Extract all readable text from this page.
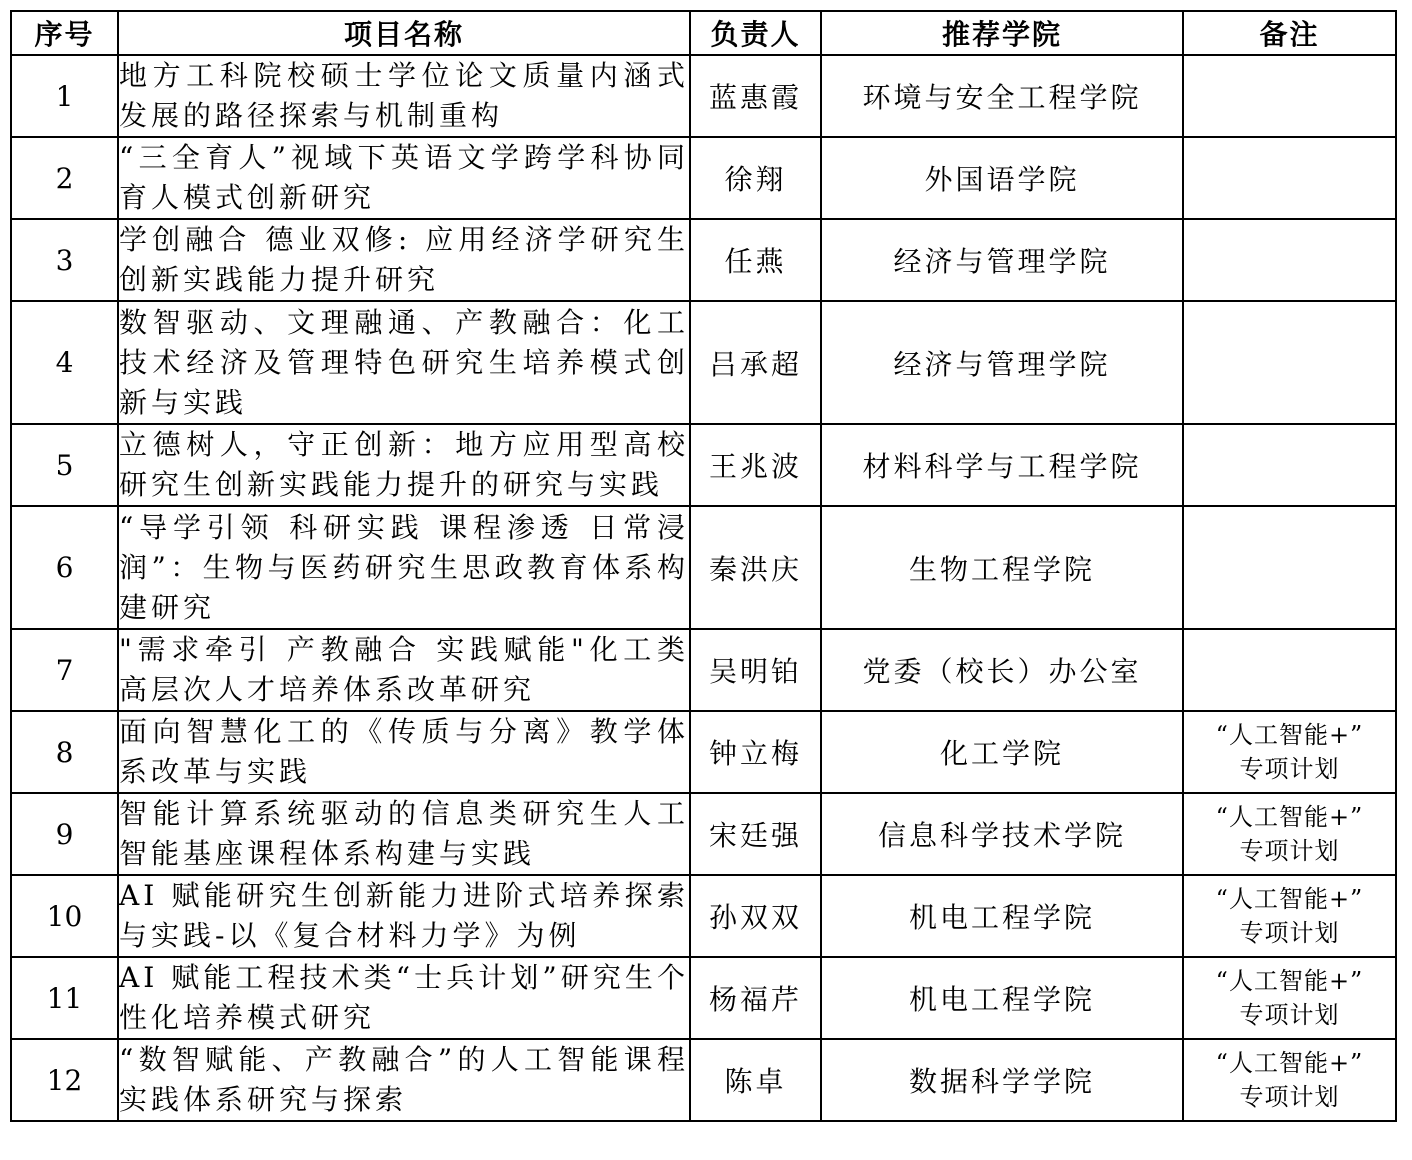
序号	项目名称	负责人	推荐学院	备注
1	地方工科院校硕士学位论文质量内涵式发展的路径探索与机制重构	蓝惠霞	环境与安全工程学院	

2	“三全育人”视域下英语文学跨学科协同育人模式创新研究	徐翔	外国语学院	

3	学创融合 德业双修: 应用经济学研究生创新实践能力提升研究	任燕	经济与管理学院	

4	数智驱动、文理融通、产教融合：化工技术经济及管理特色研究生培养模式创新与实践	吕承超	经济与管理学院	

5	立德树人，守正创新：地方应用型高校研究生创新实践能力提升的研究与实践	王兆波	材料科学与工程学院	

6	“导学引领 科研实践 课程渗透 日常浸润”：生物与医药研究生思政教育体系构建研究	秦洪庆	生物工程学院	

7	"需求牵引 产教融合 实践赋能"化工类高层次人才培养体系改革研究	吴明铂	党委（校长）办公室	

8	面向智慧化工的《传质与分离》教学体系改革与实践	钟立梅	化工学院	“人工智能+”
专项计划

9	智能计算系统驱动的信息类研究生人工智能基座课程体系构建与实践	宋廷强	信息科学技术学院	“人工智能+”
专项计划

10	AI 赋能研究生创新能力进阶式培养探索与实践-以《复合材料力学》为例	孙双双	机电工程学院	“人工智能+”
专项计划

11	AI 赋能工程技术类“士兵计划”研究生个性化培养模式研究	杨福芹	机电工程学院	“人工智能+”
专项计划

12	“数智赋能、产教融合”的人工智能课程实践体系研究与探索	陈卓	数据科学学院	“人工智能+”
专项计划
